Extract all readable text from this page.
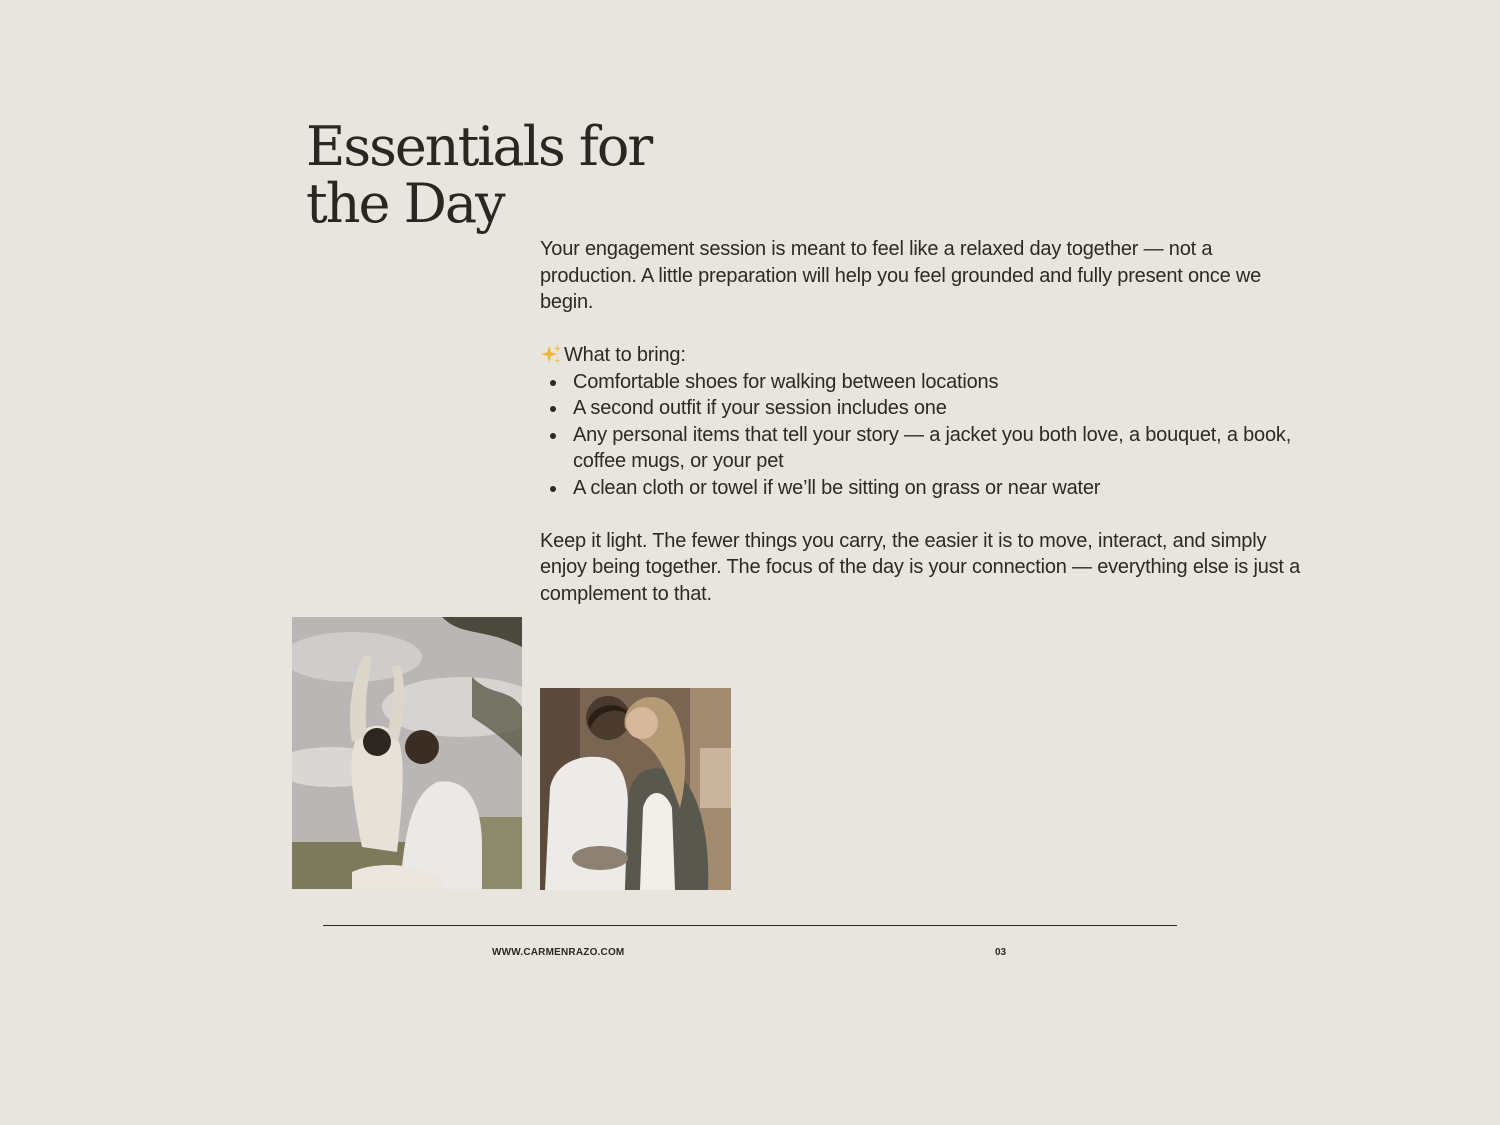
Essentials for
the Day

Your engagement session is meant to feel like a relaxed day together — not a production. A little preparation will help you feel grounded and fully present once we begin.

What to bring:
Comfortable shoes for walking between locations
A second outfit if your session includes one
Any personal items that tell your story — a jacket you both love, a bouquet, a book, coffee mugs, or your pet
A clean cloth or towel if we’ll be sitting on grass or near water

Keep it light. The fewer things you carry, the easier it is to move, interact, and simply enjoy being together. The focus of the day is your connection — everything else is just a complement to that.

WWW.CARMENRAZO.COM	03
